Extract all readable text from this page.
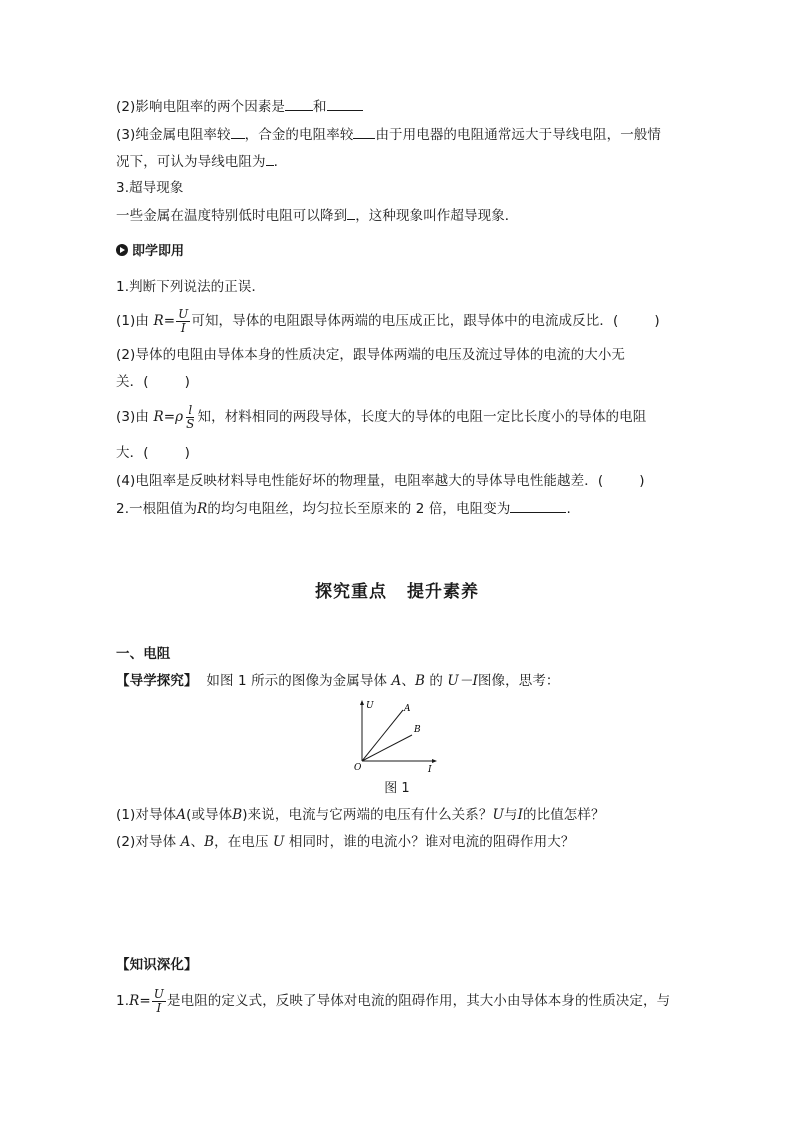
(2)影响电阻率的两个因素是 和
(3)纯金属电阻率较 ，合金的电阻率较 由于用电器的电阻通常远大于导线电阻，一般情
况下，可认为导线电阻为 .
3.超导现象
一些金属在温度特别低时电阻可以降到 ，这种现象叫作超导现象．
即学即用
1.判断下列说法的正误．
(1)由 $R= \frac{U}{I}$ 可知，导体的电阻跟导体两端的电压成正比，跟导体中的电流成反比．(	)
(2)导体的电阻由导体本身的性质决定，跟导体两端的电压及流过导体的电流的大小无
关．(	)
(3)由 $R=\rho \frac{l}{S}$ 知，材料相同的两段导体，长度大的导体的电阻一定比长度小的导体的电阻
大．(	)
(4)电阻率是反映材料导电性能好坏的物理量，电阻率越大的导体导电性能越差．(	)
2.一根阻值为R的均匀电阻丝，均匀拉长至原来的 2 倍，电阻变为	.
探究重点 提升素养
一、电阻
【导学探究】 如图 1 所示的图像为金属导体 A、B 的 U－I图像，思考：
U
I
O
A
B
图 1
(1)对导体A(或导体B)来说，电流与它两端的电压有什么关系？U与I的比值怎样？
(2)对导体 A、B，在电压 U 相同时，谁的电流小？谁对电流的阻碍作用大？
【知识深化】
$1.R= \frac{U}{I}$ 是电阻的定义式，反映了导体对电流的阻碍作用，其大小由导体本身的性质决定，与
